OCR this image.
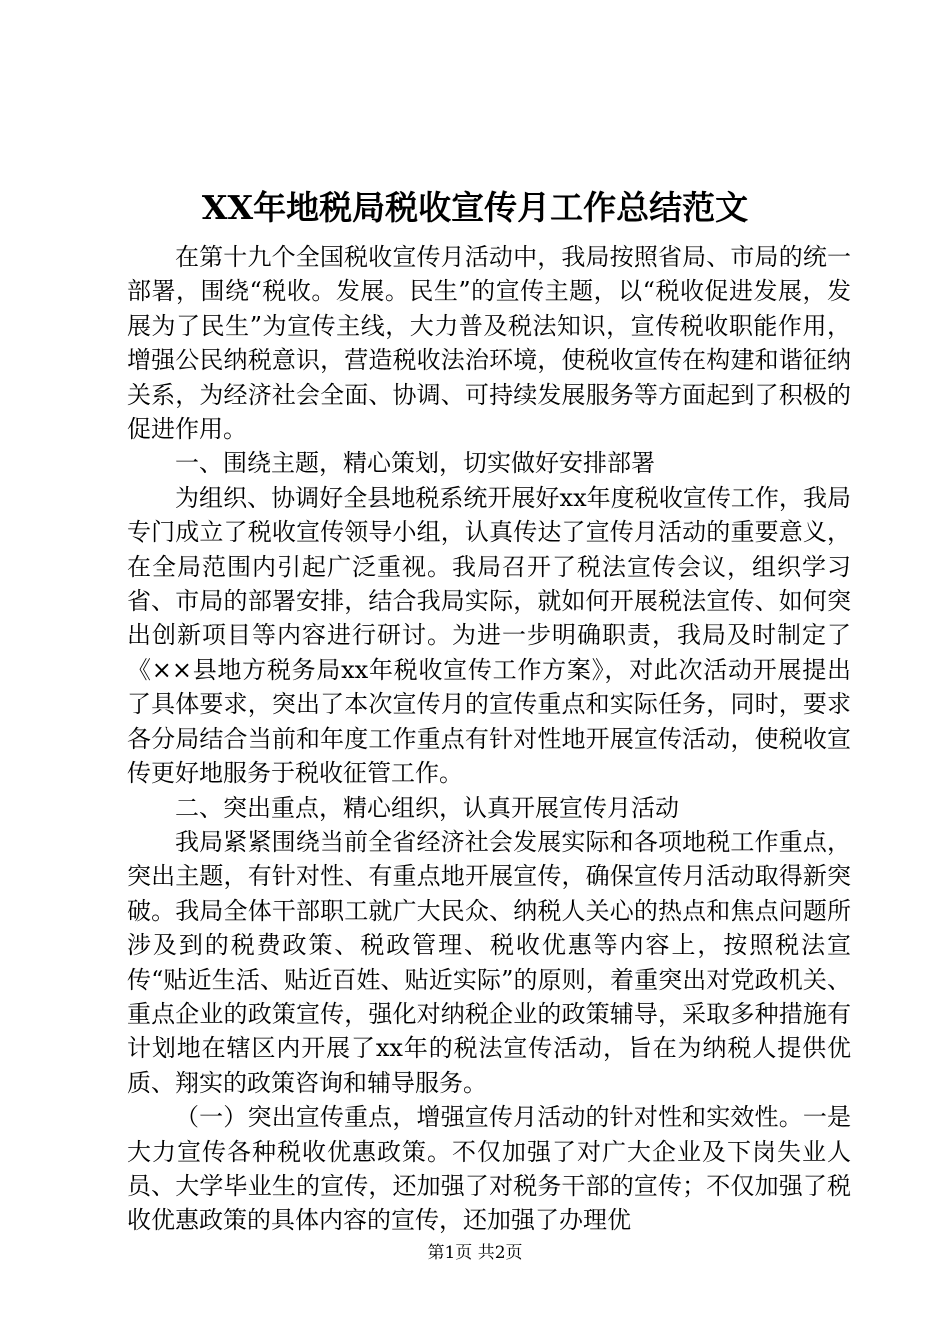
XX年地税局税收宣传月工作总结范文

在第十九个全国税收宣传月活动中，我局按照省局、市局的统一部署，围绕“税收。发展。民生”的宣传主题，以“税收促进发展，发展为了民生”为宣传主线，大力普及税法知识，宣传税收职能作用，增强公民纳税意识，营造税收法治环境，使税收宣传在构建和谐征纳关系，为经济社会全面、协调、可持续发展服务等方面起到了积极的促进作用。

一、围绕主题，精心策划，切实做好安排部署

为组织、协调好全县地税系统开展好xx年度税收宣传工作，我局专门成立了税收宣传领导小组，认真传达了宣传月活动的重要意义，在全局范围内引起广泛重视。我局召开了税法宣传会议，组织学习省、市局的部署安排，结合我局实际，就如何开展税法宣传、如何突出创新项目等内容进行研讨。为进一步明确职责，我局及时制定了《××县地方税务局xx年税收宣传工作方案》，对此次活动开展提出了具体要求，突出了本次宣传月的宣传重点和实际任务，同时，要求各分局结合当前和年度工作重点有针对性地开展宣传活动，使税收宣传更好地服务于税收征管工作。

二、突出重点，精心组织，认真开展宣传月活动

我局紧紧围绕当前全省经济社会发展实际和各项地税工作重点，突出主题，有针对性、有重点地开展宣传，确保宣传月活动取得新突破。我局全体干部职工就广大民众、纳税人关心的热点和焦点问题所涉及到的税费政策、税政管理、税收优惠等内容上，按照税法宣传“贴近生活、贴近百姓、贴近实际”的原则，着重突出对党政机关、重点企业的政策宣传，强化对纳税企业的政策辅导，采取多种措施有计划地在辖区内开展了xx年的税法宣传活动，旨在为纳税人提供优质、翔实的政策咨询和辅导服务。

（一）突出宣传重点，增强宣传月活动的针对性和实效性。一是大力宣传各种税收优惠政策。不仅加强了对广大企业及下岗失业人员、大学毕业生的宣传，还加强了对税务干部的宣传；不仅加强了税收优惠政策的具体内容的宣传，还加强了办理优

第1页 共2页
